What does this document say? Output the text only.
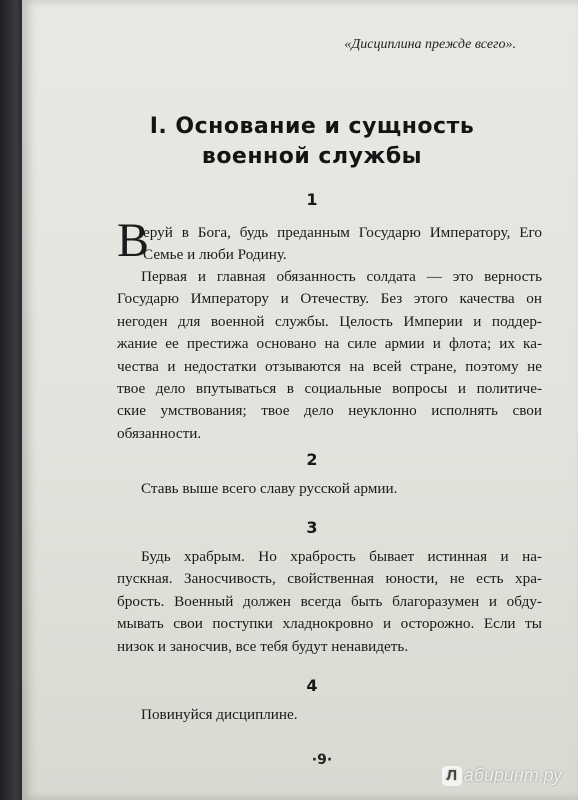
«Дисциплина прежде всего».
I. Основание и сущность
военной службы
1
В
еруй в Бога, будь преданным Государю Императору, Его
Семье и люби Родину.
Первая и главная обязанность солдата — это верность
Государю Императору и Отечеству. Без этого качества он
негоден для военной службы. Целость Империи и поддер-
жание ее престижа основано на силе армии и флота; их ка-
чества и недостатки отзываются на всей стране, поэтому не
твое дело впутываться в социальные вопросы и политиче-
ские умствования; твое дело неуклонно исполнять свои
обязанности.
2
Ставь выше всего славу русской армии.
3
Будь храбрым. Но храбрость бывает истинная и на-
пускная. Заносчивость, свойственная юности, не есть хра-
брость. Военный должен всегда быть благоразумен и обду-
мывать свои поступки хладнокровно и осторожно. Если ты
низок и заносчив, все тебя будут ненавидеть.
4
Повинуйся дисциплине.
·9·
Л абиринт.ру
